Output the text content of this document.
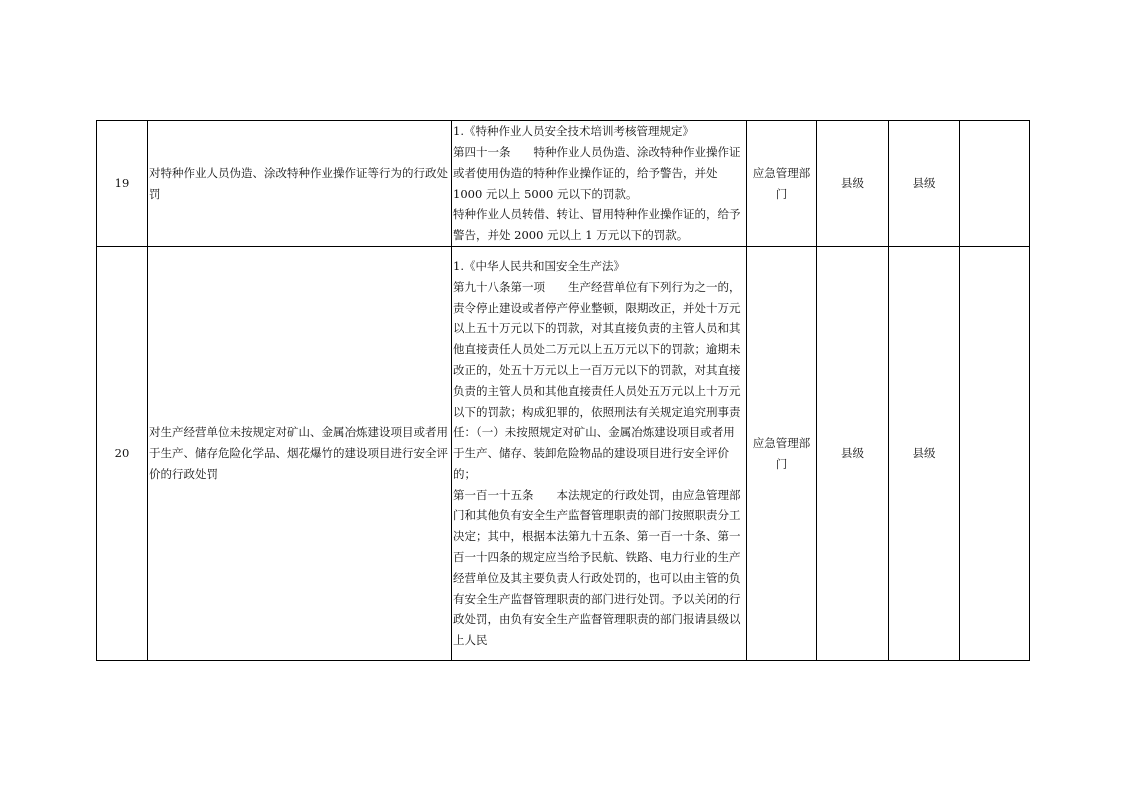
19	对特种作业人员伪造、涂改特种作业操作证等行为的行政处罚	1.《特种作业人员安全技术培训考核管理规定》
第四十一条　　特种作业人员伪造、涂改特种作业操作证或者使用伪造的特种作业操作证的，给予警告，并处 1000 元以上 5000 元以下的罚款。
特种作业人员转借、转让、冒用特种作业操作证的，给予警告，并处 2000 元以上 1 万元以下的罚款。	应急管理部门	县级	县级	
20	对生产经营单位未按规定对矿山、金属冶炼建设项目或者用于生产、储存危险化学品、烟花爆竹的建设项目进行安全评价的行政处罚	1.《中华人民共和国安全生产法》
第九十八条第一项　　生产经营单位有下列行为之一的，责令停止建设或者停产停业整顿，限期改正，并处十万元以上五十万元以下的罚款，对其直接负责的主管人员和其他直接责任人员处二万元以上五万元以下的罚款；逾期未改正的，处五十万元以上一百万元以下的罚款，对其直接负责的主管人员和其他直接责任人员处五万元以上十万元以下的罚款；构成犯罪的，依照刑法有关规定追究刑事责任：（一）未按照规定对矿山、金属冶炼建设项目或者用于生产、储存、装卸危险物品的建设项目进行安全评价的；
第一百一十五条　　本法规定的行政处罚，由应急管理部门和其他负有安全生产监督管理职责的部门按照职责分工决定；其中，根据本法第九十五条、第一百一十条、第一百一十四条的规定应当给予民航、铁路、电力行业的生产经营单位及其主要负责人行政处罚的，也可以由主管的负有安全生产监督管理职责的部门进行处罚。予以关闭的行政处罚，由负有安全生产监督管理职责的部门报请县级以上人民	应急管理部门	县级	县级	
